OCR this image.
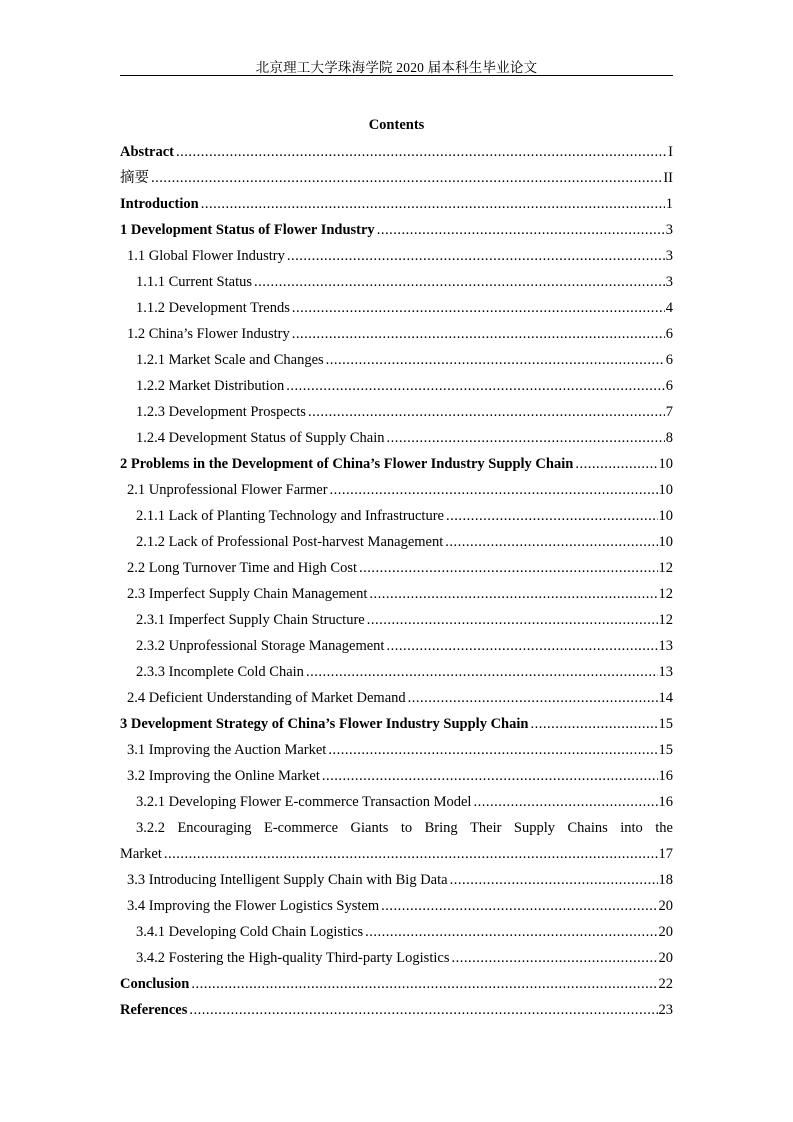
北京理工大学珠海学院 2020 届本科生毕业论文
Contents
Abstract .....	I
摘要 .....	II
Introduction .....	1
1 Development Status of Flower Industry .....	3
1.1 Global Flower Industry .....	3
1.1.1 Current Status .....	3
1.1.2 Development Trends .....	4
1.2 China’s Flower Industry .....	6
1.2.1 Market Scale and Changes .....	6
1.2.2 Market Distribution .....	6
1.2.3 Development Prospects .....	7
1.2.4 Development Status of Supply Chain .....	8
2 Problems in the Development of China’s Flower Industry Supply Chain .....	10
2.1 Unprofessional Flower Farmer .....	10
2.1.1 Lack of Planting Technology and Infrastructure .....	10
2.1.2 Lack of Professional Post-harvest Management .....	10
2.2 Long Turnover Time and High Cost .....	12
2.3 Imperfect Supply Chain Management .....	12
2.3.1 Imperfect Supply Chain Structure .....	12
2.3.2 Unprofessional Storage Management .....	13
2.3.3 Incomplete Cold Chain .....	13
2.4 Deficient Understanding of Market Demand .....	14
3 Development Strategy of China’s Flower Industry Supply Chain .....	15
3.1 Improving the Auction Market .....	15
3.2 Improving the Online Market .....	16
3.2.1 Developing Flower E-commerce Transaction Model .....	16
3.2.2 Encouraging E-commerce Giants to Bring Their Supply Chains into the
Market .....	17
3.3 Introducing Intelligent Supply Chain with Big Data .....	18
3.4 Improving the Flower Logistics System .....	20
3.4.1 Developing Cold Chain Logistics .....	20
3.4.2 Fostering the High-quality Third-party Logistics .....	20
Conclusion .....	22
References .....	23
